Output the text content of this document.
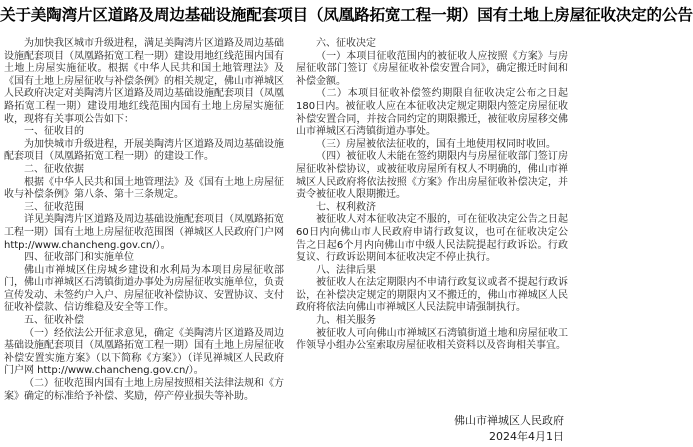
关于美陶湾片区道路及周边基础设施配套项目（凤凰路拓宽工程一期）国有土地上房屋征收决定的公告

为加快我区城市升级进程，满足美陶湾片区道路及周边基础设施配套项目（凤凰路拓宽工程一期）建设用地红线范围内国有土地上房屋实施征收。根据《中华人民共和国土地管理法》及《国有土地上房屋征收与补偿条例》的相关规定，佛山市禅城区人民政府决定对美陶湾片区道路及周边基础设施配套项目（凤凰路拓宽工程一期）建设用地红线范围内国有土地上房屋实施征收，现将有关事项公告如下：

一、征收目的

为加快城市升级进程，开展美陶湾片区道路及周边基础设施配套项目（凤凰路拓宽工程一期）的建设工作。

二、征收依据

根据《中华人民共和国土地管理法》及《国有土地上房屋征收与补偿条例》第八条、第十三条规定。

三、征收范围

详见美陶湾片区道路及周边基础设施配套项目（凤凰路拓宽工程一期）国有土地上房屋征收范围图（禅城区人民政府门户网 http://www.chancheng.gov.cn/）。

四、征收部门和实施单位

佛山市禅城区住房城乡建设和水利局为本项目房屋征收部门，佛山市禅城区石湾镇街道办事处为房屋征收实施单位，负责宣传发动、未签约户入户、房屋征收补偿协议、安置协议、支付征收补偿款、信访维稳及安全等工作。

五、征收补偿

（一）经依法公开征求意见，确定《美陶湾片区道路及周边基础设施配套项目（凤凰路拓宽工程一期）国有土地上房屋征收补偿安置实施方案》（以下简称《方案》）（详见禅城区人民政府门户网 http://www.chancheng.gov.cn/）。

（二）征收范围内国有土地上房屋按照相关法律法规和《方案》确定的标准给予补偿、奖励，停产停业损失等补助。

六、征收决定

（一）本项目征收范围内的被征收人应按照《方案》与房屋征收部门签订《房屋征收补偿安置合同》，确定搬迁时间和补偿金额。

（二）本项目征收补偿签约期限自征收决定公布之日起180日内。被征收人应在本征收决定规定期限内签定房屋征收补偿安置合同，并按合同约定的期限搬迁，被征收房屋移交佛山市禅城区石湾镇街道办事处。

（三）房屋被依法征收的，国有土地使用权同时收回。

（四）被征收人未能在签约期限内与房屋征收部门签订房屋征收补偿协议，或被征收房屋所有权人不明确的，佛山市禅城区人民政府将依法按照《方案》作出房屋征收补偿决定，并责令被征收人限期搬迁。

七、权利救济

被征收人对本征收决定不服的，可在征收决定公告之日起60日内向佛山市人民政府申请行政复议，也可在征收决定公告之日起6个月内向佛山市中级人民法院提起行政诉讼。行政复议、行政诉讼期间本征收决定不停止执行。

八、法律后果

被征收人在法定期限内不申请行政复议或者不提起行政诉讼，在补偿决定规定的期限内又不搬迁的，佛山市禅城区人民政府将依法向佛山市禅城区人民法院申请强制执行。

九、相关服务

被征收人可向佛山市禅城区石湾镇街道土地和房屋征收工作领导小组办公室索取房屋征收相关资料以及咨询相关事宜。

佛山市禅城区人民政府

2024年4月1日
